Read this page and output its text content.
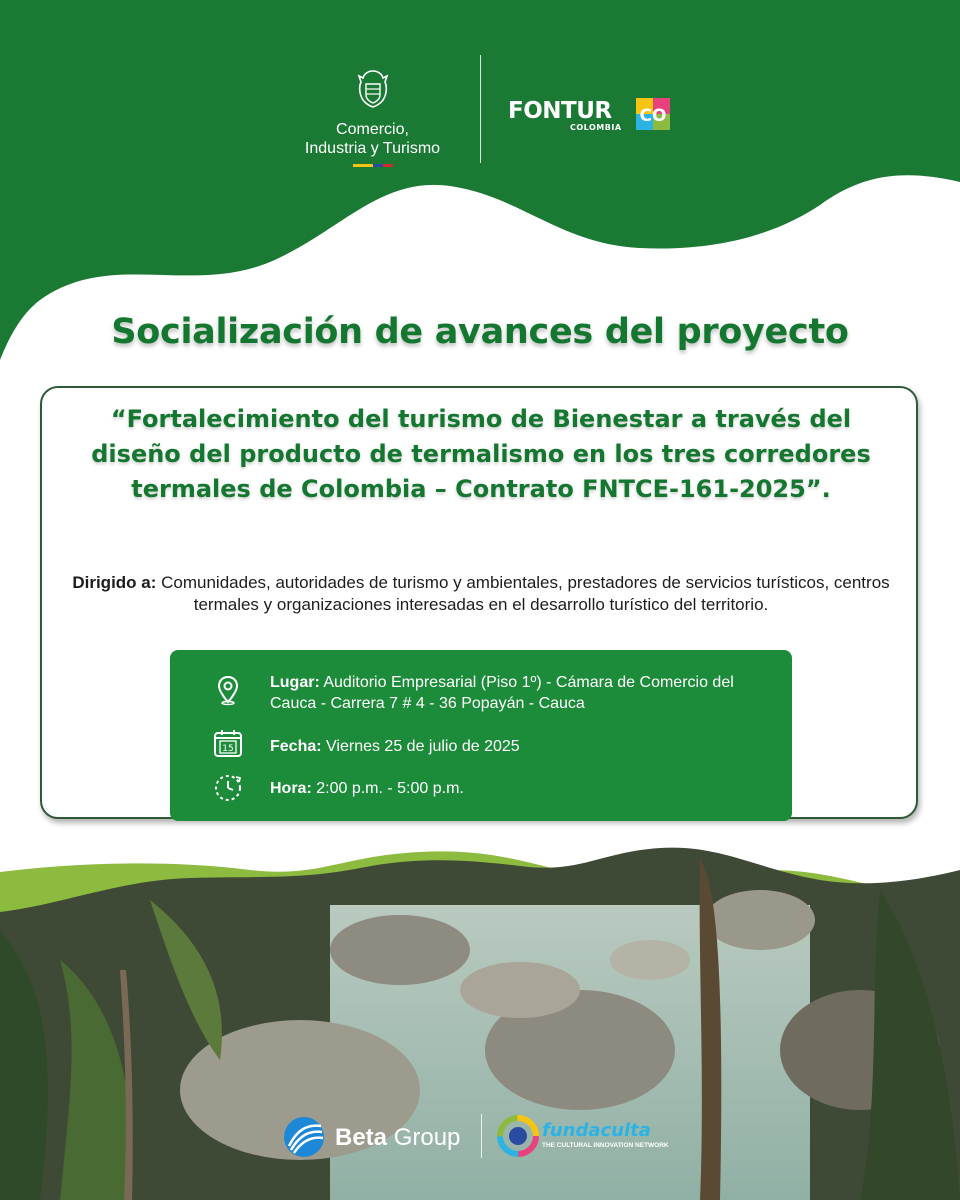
Comercio,
Industria y Turismo
FONTUR
COLOMBIA
CO
Socialización de avances del proyecto
“Fortalecimiento del turismo de Bienestar a través del diseño del producto de termalismo en los tres corredores termales de Colombia – Contrato FNTCE-161-2025”.

Dirigido a: Comunidades, autoridades de turismo y ambientales, prestadores de servicios turísticos, centros termales y organizaciones interesadas en el desarrollo turístico del territorio.

Lugar: Auditorio Empresarial (Piso 1º) - Cámara de Comercio del Cauca - Carrera 7 # 4 - 36 Popayán - Cauca
15 Fecha: Viernes 25 de julio de 2025
Hora: 2:00 p.m. - 5:00 p.m.
Beta Group	fundaculta
THE CULTURAL INNOVATION NETWORK
